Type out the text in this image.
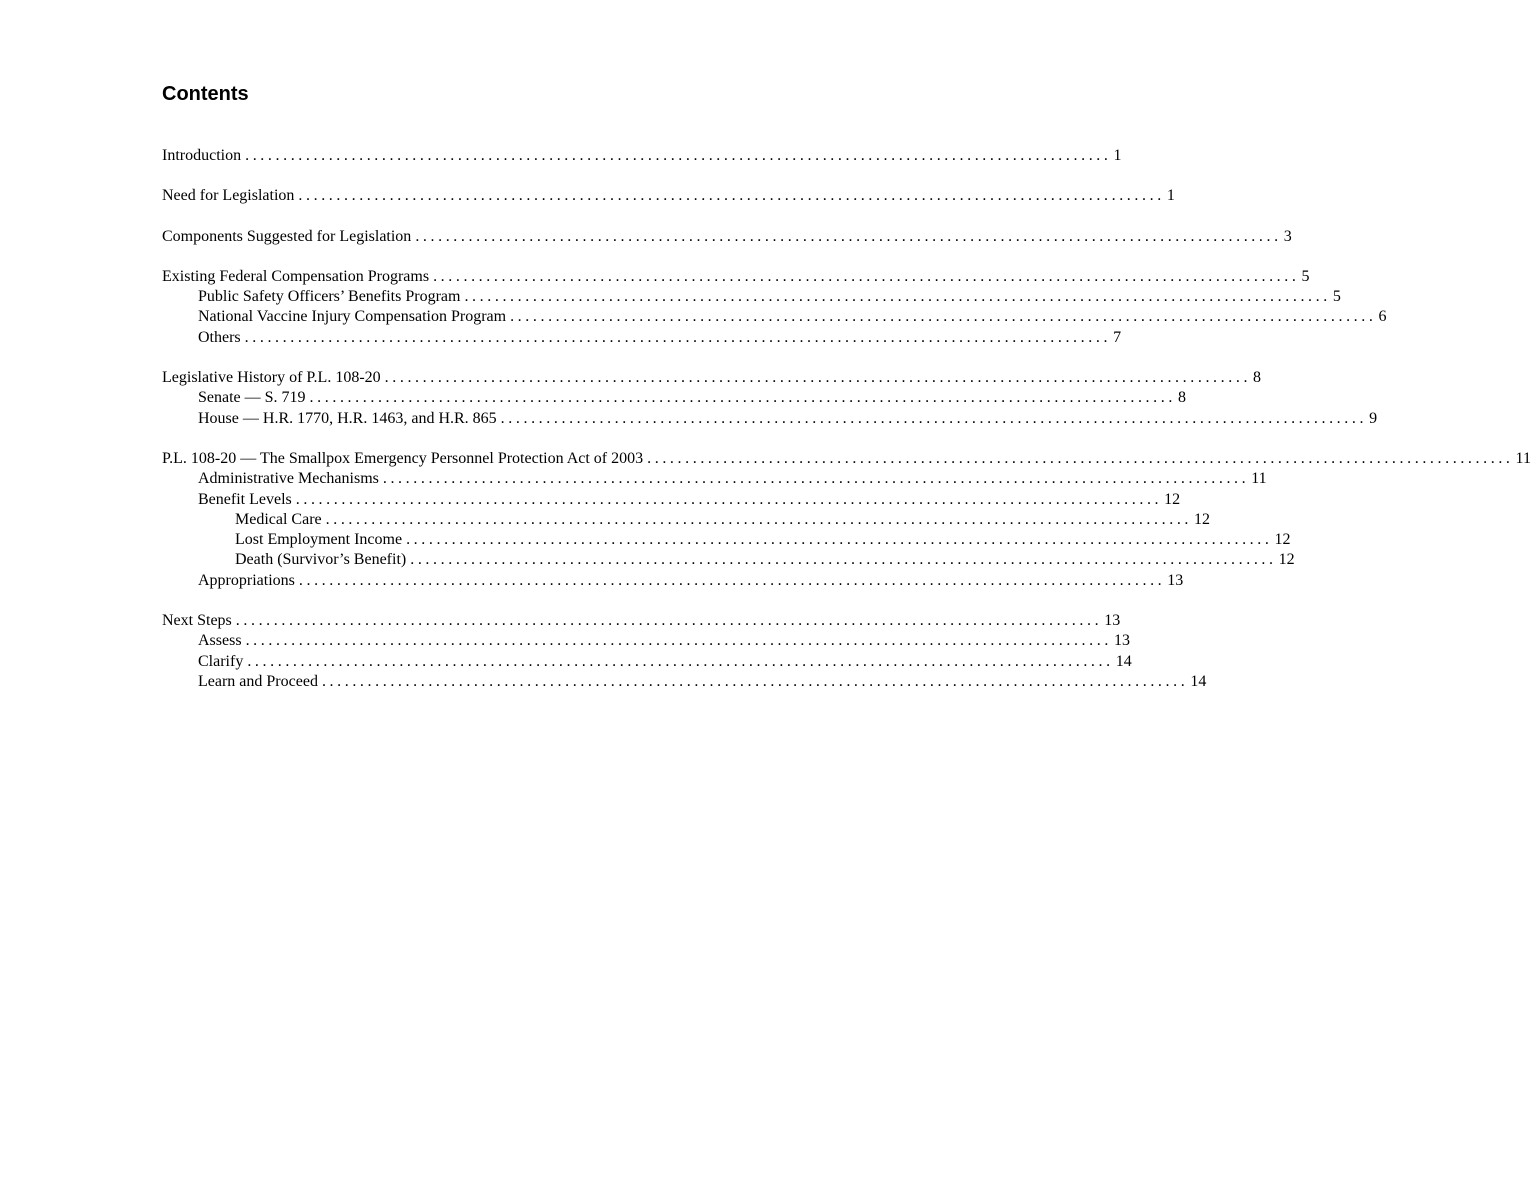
Contents
Introduction .................................................................................................................. 1
Need for Legislation .................................................................................................................. 1
Components Suggested for Legislation .................................................................................................................. 3
Existing Federal Compensation Programs .................................................................................................................. 5
Public Safety Officers’ Benefits Program .................................................................................................................. 5
National Vaccine Injury Compensation Program .................................................................................................................. 6
Others .................................................................................................................. 7
Legislative History of P.L. 108-20 .................................................................................................................. 8
Senate — S. 719 .................................................................................................................. 8
House — H.R. 1770, H.R. 1463, and H.R. 865 .................................................................................................................. 9
P.L. 108-20 — The Smallpox Emergency Personnel Protection Act of 2003 .................................................................................................................. 11
Administrative Mechanisms .................................................................................................................. 11
Benefit Levels .................................................................................................................. 12
Medical Care .................................................................................................................. 12
Lost Employment Income .................................................................................................................. 12
Death (Survivor’s Benefit) .................................................................................................................. 12
Appropriations .................................................................................................................. 13
Next Steps .................................................................................................................. 13
Assess .................................................................................................................. 13
Clarify .................................................................................................................. 14
Learn and Proceed .................................................................................................................. 14
